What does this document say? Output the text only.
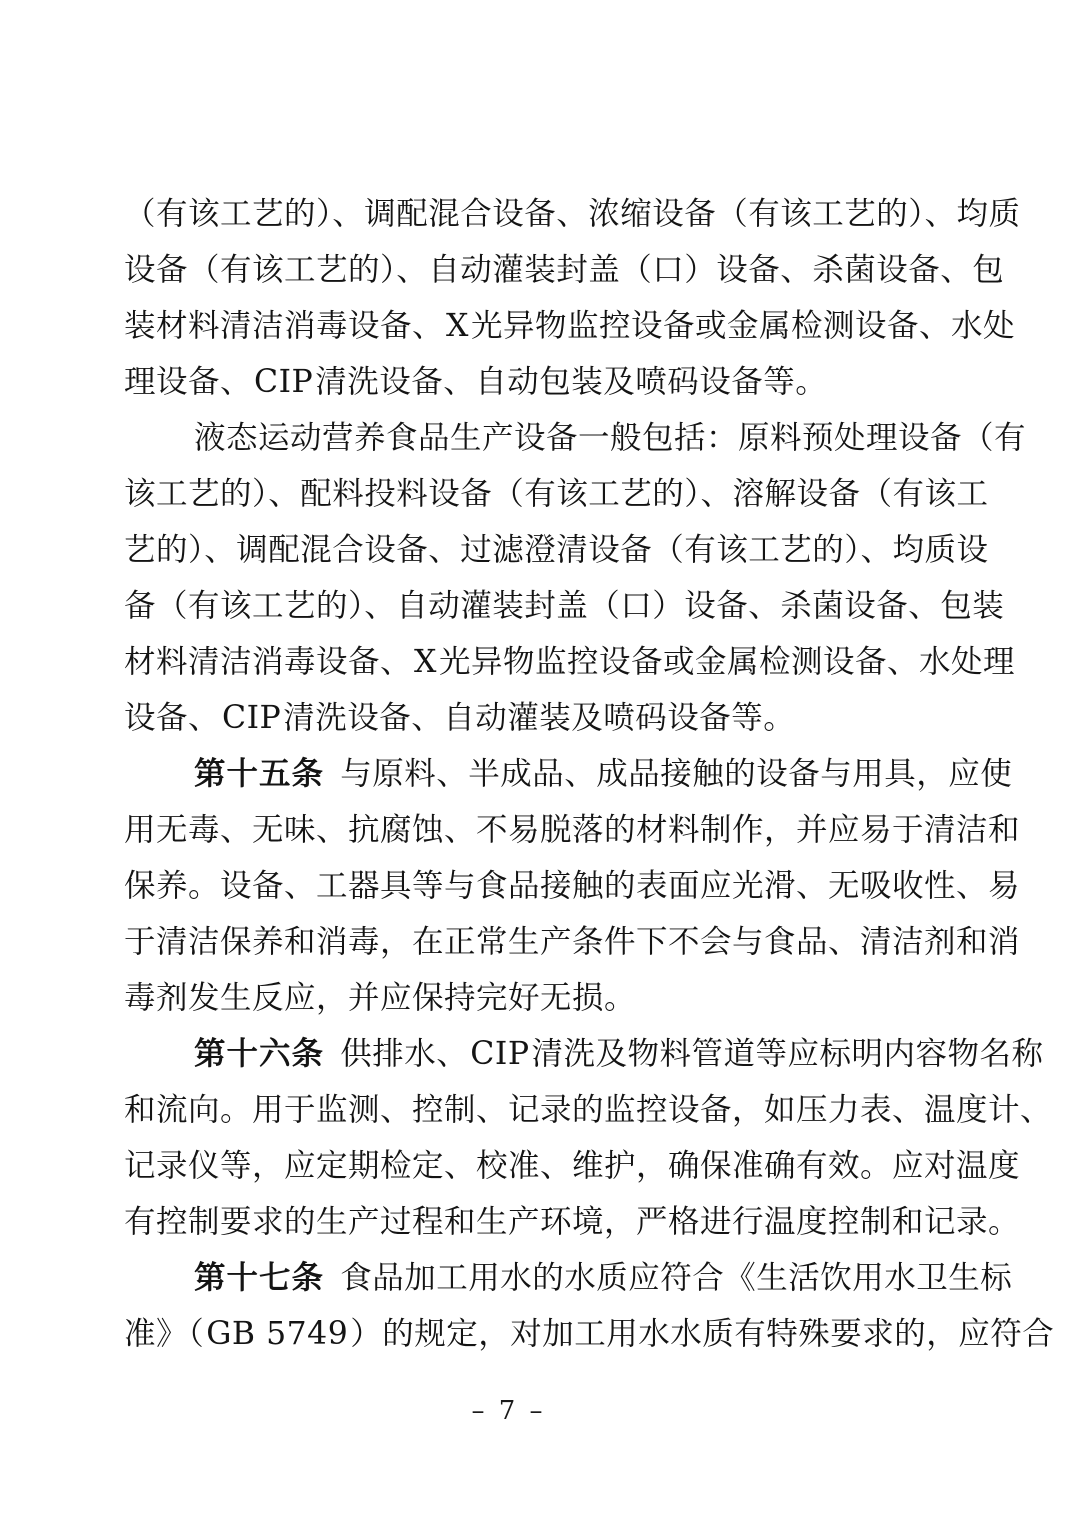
（有该工艺的）、调配混合设备、浓缩设备（有该工艺的）、均质
设备（有该工艺的）、自动灌装封盖（口）设备、杀菌设备、包
装材料清洁消毒设备、X光异物监控设备或金属检测设备、水处
理设备、CIP清洗设备、自动包装及喷码设备等。
液态运动营养食品生产设备一般包括：原料预处理设备（有
该工艺的）、配料投料设备（有该工艺的）、溶解设备（有该工
艺的）、调配混合设备、过滤澄清设备（有该工艺的）、均质设
备（有该工艺的）、自动灌装封盖（口）设备、杀菌设备、包装
材料清洁消毒设备、X光异物监控设备或金属检测设备、水处理
设备、CIP清洗设备、自动灌装及喷码设备等。
第十五条  与原料、半成品、成品接触的设备与用具，应使
用无毒、无味、抗腐蚀、不易脱落的材料制作，并应易于清洁和
保养。设备、工器具等与食品接触的表面应光滑、无吸收性、易
于清洁保养和消毒，在正常生产条件下不会与食品、清洁剂和消
毒剂发生反应，并应保持完好无损。
第十六条  供排水、CIP清洗及物料管道等应标明内容物名称
和流向。用于监测、控制、记录的监控设备，如压力表、温度计、
记录仪等，应定期检定、校准、维护，确保准确有效。应对温度
有控制要求的生产过程和生产环境，严格进行温度控制和记录。
第十七条  食品加工用水的水质应符合《生活饮用水卫生标
准》（GB 5749）的规定，对加工用水水质有特殊要求的，应符合
– 7 –
